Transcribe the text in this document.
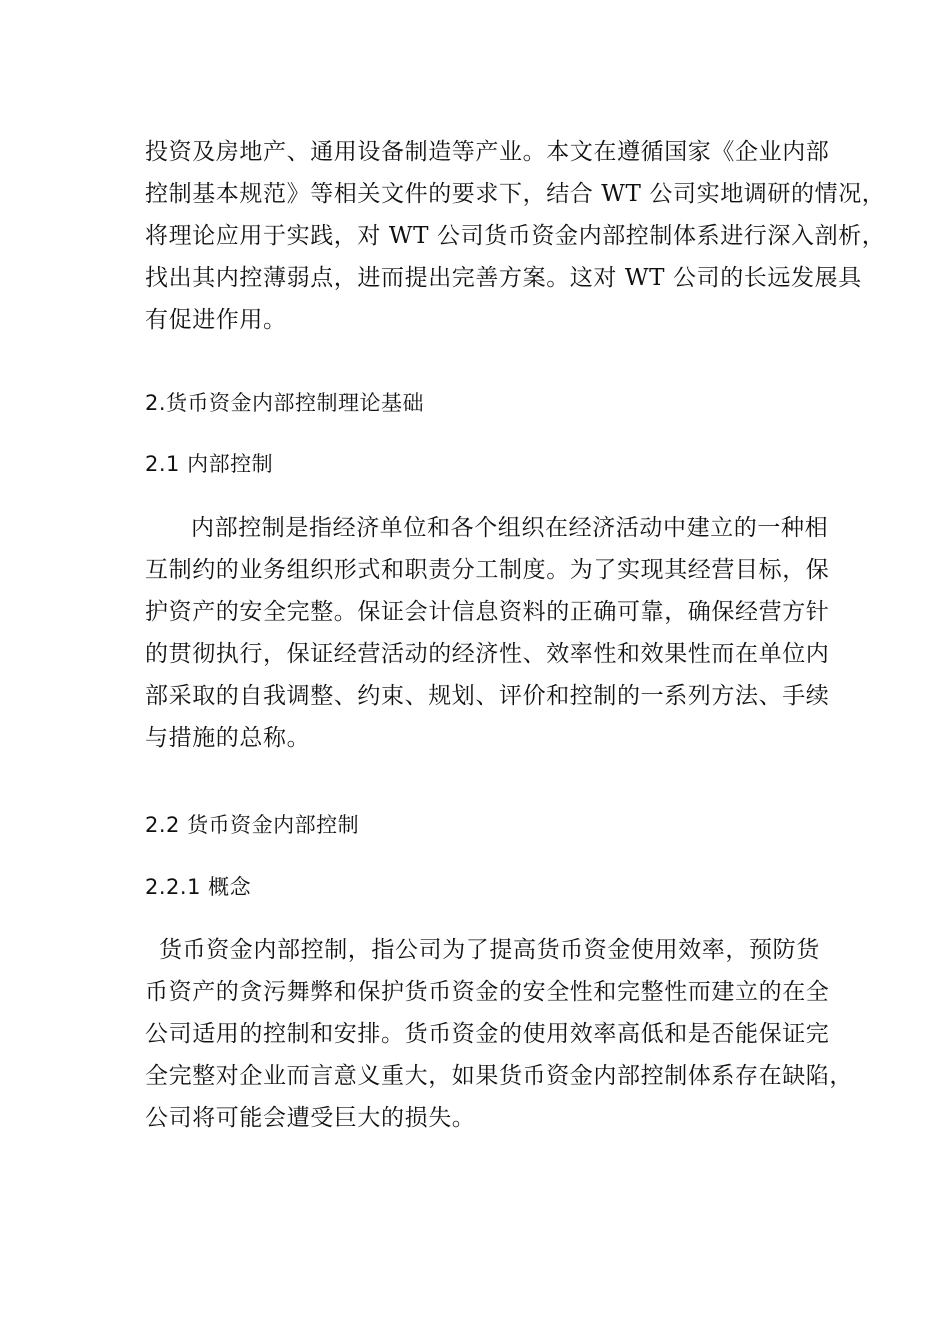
投资及房地产、通用设备制造等产业。本文在遵循国家《企业内部
控制基本规范》等相关文件的要求下，结合 WT 公司实地调研的情况，
将理论应用于实践，对 WT 公司货币资金内部控制体系进行深入剖析，
找出其内控薄弱点，进而提出完善方案。这对 WT 公司的长远发展具
有促进作用。
2.货币资金内部控制理论基础
2.1 内部控制
内部控制是指经济单位和各个组织在经济活动中建立的一种相
互制约的业务组织形式和职责分工制度。为了实现其经营目标，保
护资产的安全完整。保证会计信息资料的正确可靠，确保经营方针
的贯彻执行，保证经营活动的经济性、效率性和效果性而在单位内
部采取的自我调整、约束、规划、评价和控制的一系列方法、手续
与措施的总称。
2.2 货币资金内部控制
2.2.1 概念
货币资金内部控制，指公司为了提高货币资金使用效率，预防货
币资产的贪污舞弊和保护货币资金的安全性和完整性而建立的在全
公司适用的控制和安排。货币资金的使用效率高低和是否能保证完
全完整对企业而言意义重大，如果货币资金内部控制体系存在缺陷，
公司将可能会遭受巨大的损失。
